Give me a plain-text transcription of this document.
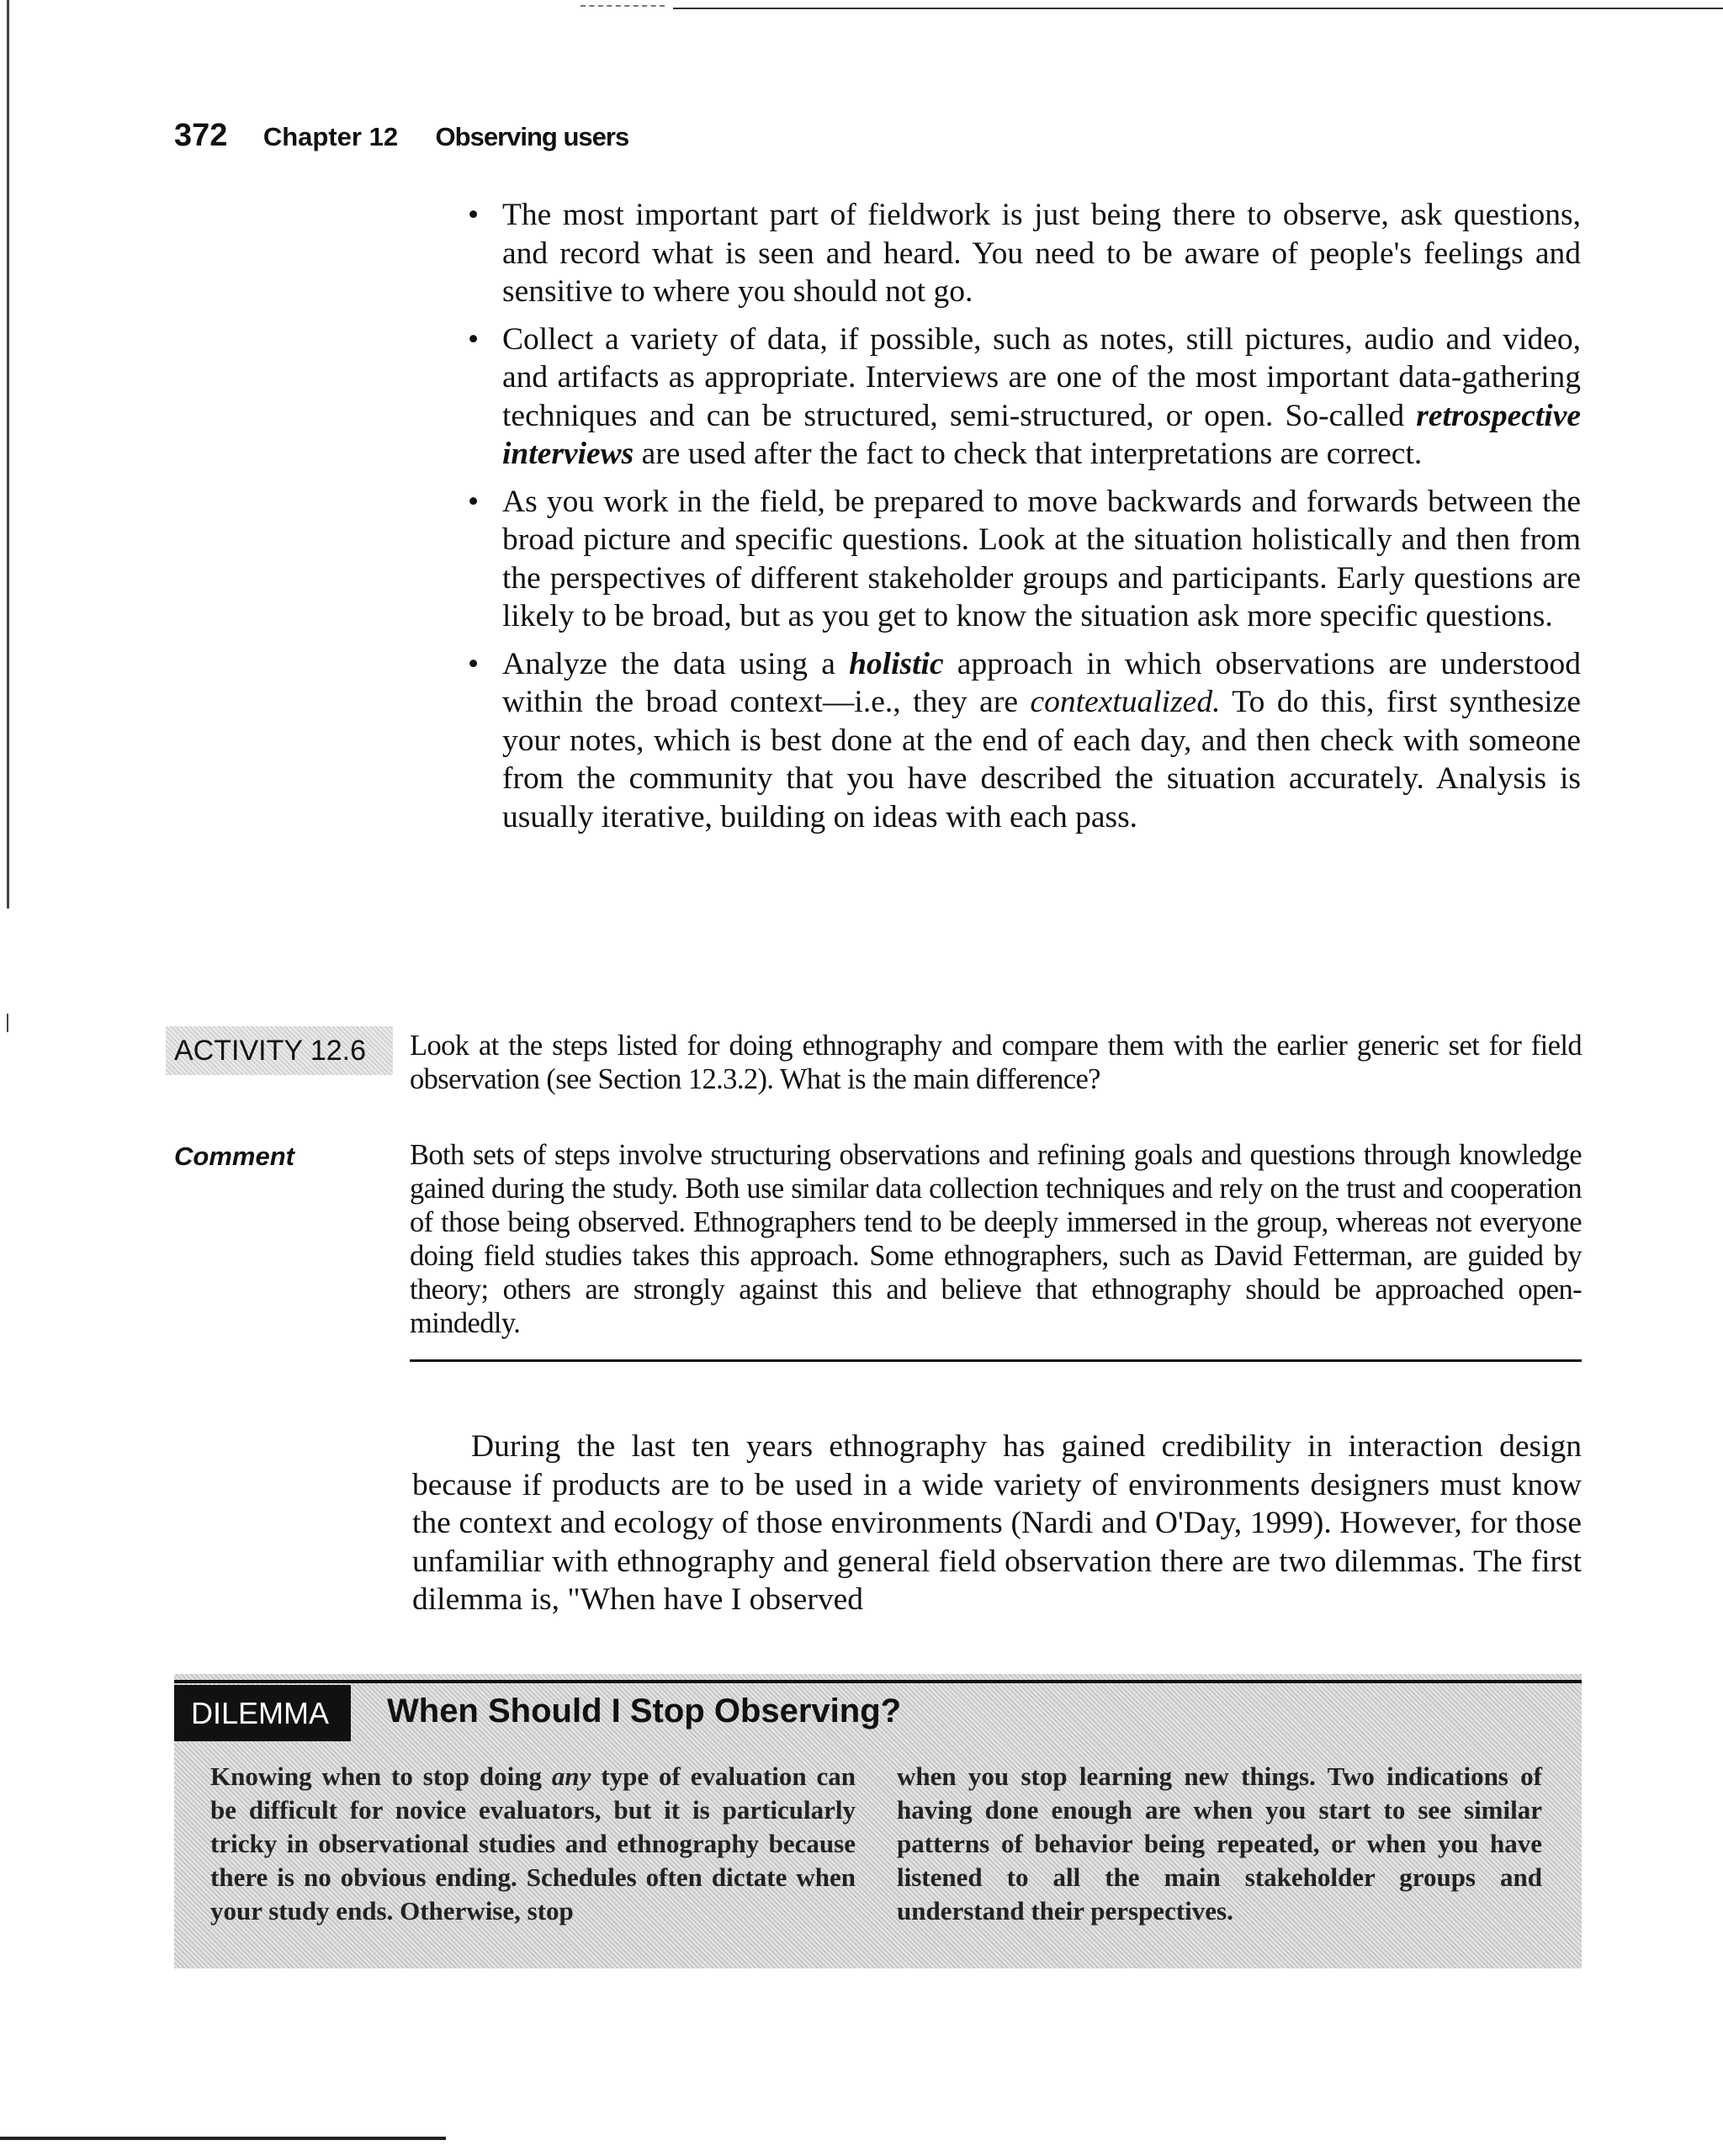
372 Chapter 12 Observing users
• The most important part of fieldwork is just being there to observe, ask questions, and record what is seen and heard. You need to be aware of people's feelings and sensitive to where you should not go.
• Collect a variety of data, if possible, such as notes, still pictures, audio and video, and artifacts as appropriate. Interviews are one of the most important data-gathering techniques and can be structured, semi-structured, or open. So-called retrospective interviews are used after the fact to check that interpretations are correct.
• As you work in the field, be prepared to move backwards and forwards between the broad picture and specific questions. Look at the situation holistically and then from the perspectives of different stakeholder groups and participants. Early questions are likely to be broad, but as you get to know the situation ask more specific questions.
• Analyze the data using a holistic approach in which observations are understood within the broad context—i.e., they are contextualized. To do this, first synthesize your notes, which is best done at the end of each day, and then check with someone from the community that you have described the situation accurately. Analysis is usually iterative, building on ideas with each pass.
ACTIVITY 12.6	Look at the steps listed for doing ethnography and compare them with the earlier generic set for field observation (see Section 12.3.2). What is the main difference?
Comment	Both sets of steps involve structuring observations and refining goals and questions through knowledge gained during the study. Both use similar data collection techniques and rely on the trust and cooperation of those being observed. Ethnographers tend to be deeply immersed in the group, whereas not everyone doing field studies takes this approach. Some ethnographers, such as David Fetterman, are guided by theory; others are strongly against this and believe that ethnography should be approached open-mindedly.
During the last ten years ethnography has gained credibility in interaction design because if products are to be used in a wide variety of environments designers must know the context and ecology of those environments (Nardi and O'Day, 1999). However, for those unfamiliar with ethnography and general field observation there are two dilemmas. The first dilemma is, "When have I observed
DILEMMA	When Should I Stop Observing?
Knowing when to stop doing any type of evaluation can be difficult for novice evaluators, but it is particularly tricky in observational studies and ethnography because there is no obvious ending. Schedules often dictate when your study ends. Otherwise, stop
when you stop learning new things. Two indications of having done enough are when you start to see similar patterns of behavior being repeated, or when you have listened to all the main stakeholder groups and understand their perspectives.
